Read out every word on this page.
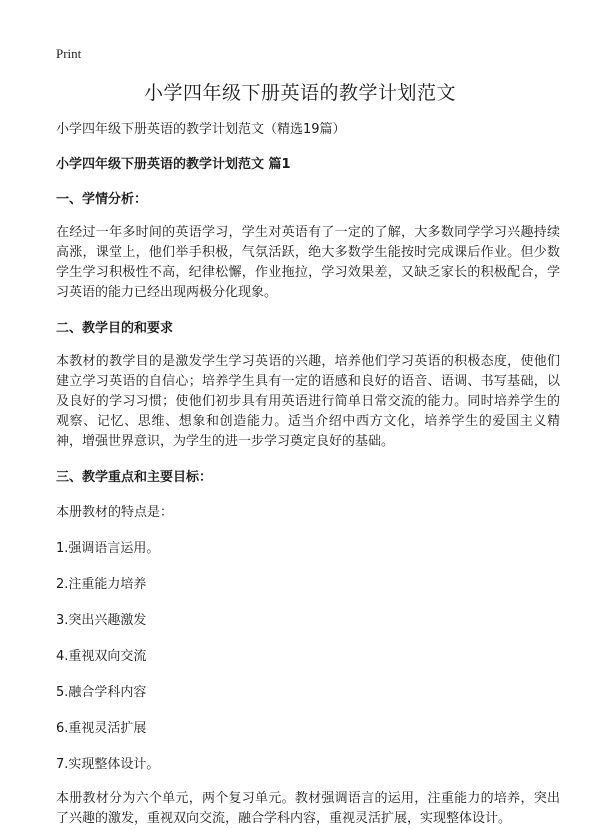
Print
小学四年级下册英语的教学计划范文

小学四年级下册英语的教学计划范文（精选19篇）

小学四年级下册英语的教学计划范文 篇1

一、学情分析：

在经过一年多时间的英语学习，学生对英语有了一定的了解，大多数同学学习兴趣持续高涨，课堂上，他们举手积极，气氛活跃，绝大多数学生能按时完成课后作业。但少数学生学习积极性不高，纪律松懈，作业拖拉，学习效果差，又缺乏家长的积极配合，学习英语的能力已经出现两极分化现象。

二、教学目的和要求

本教材的教学目的是激发学生学习英语的兴趣，培养他们学习英语的积极态度，使他们建立学习英语的自信心；培养学生具有一定的语感和良好的语音、语调、书写基础，以及良好的学习习惯；使他们初步具有用英语进行简单日常交流的能力。同时培养学生的观察、记忆、思维、想象和创造能力。适当介绍中西方文化，培养学生的爱国主义精神，增强世界意识，为学生的进一步学习奠定良好的基础。

三、教学重点和主要目标：

本册教材的特点是：

1.强调语言运用。

2.注重能力培养

3.突出兴趣激发

4.重视双向交流

5.融合学科内容

6.重视灵活扩展

7.实现整体设计。

本册教材分为六个单元，两个复习单元。教材强调语言的运用，注重能力的培养，突出了兴趣的激发，重视双向交流，融合学科内容，重视灵活扩展，实现整体设计。
